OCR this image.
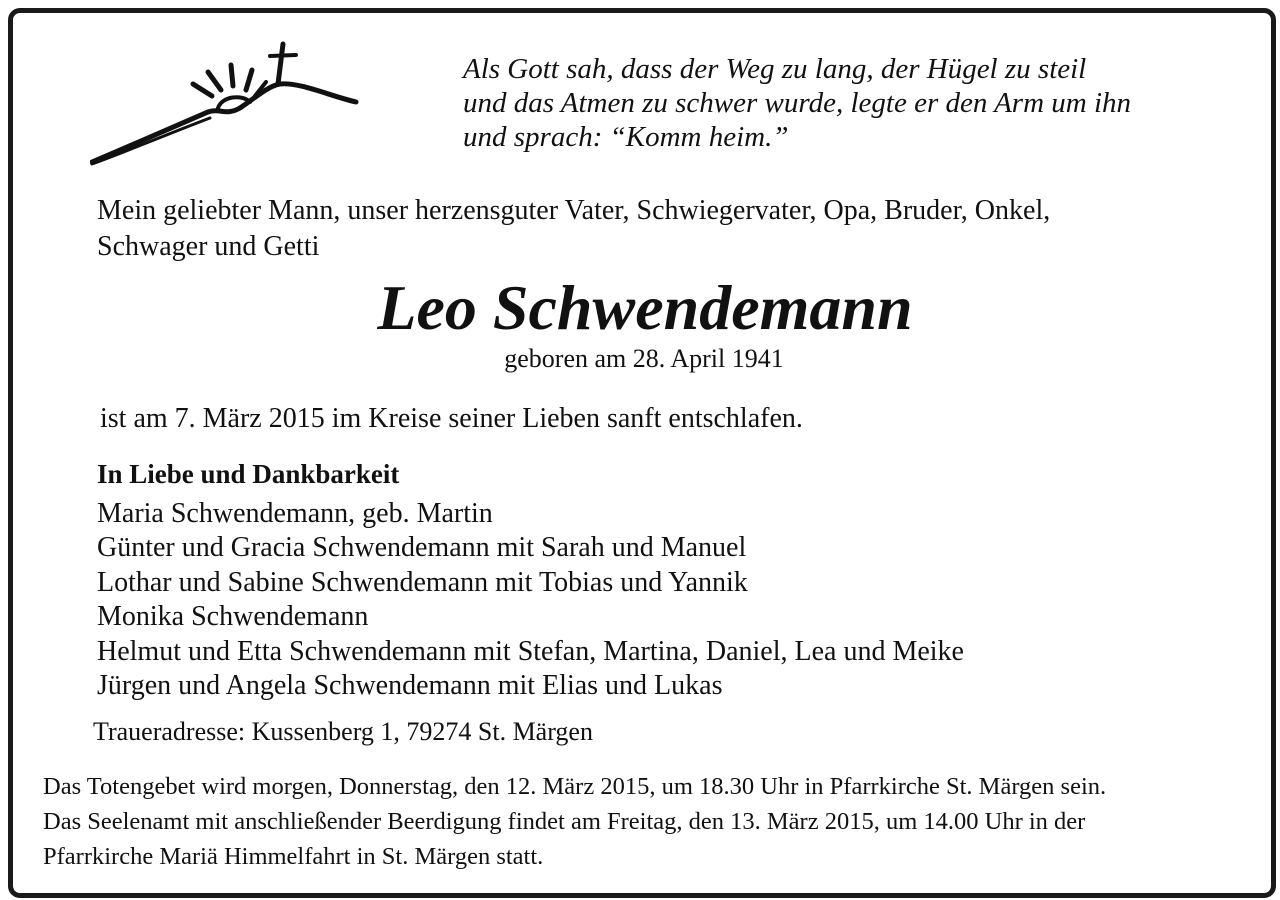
Als Gott sah, dass der Weg zu lang, der Hügel zu steil
und das Atmen zu schwer wurde, legte er den Arm um ihn
und sprach: “Komm heim.”

Mein geliebter Mann, unser herzensguter Vater, Schwiegervater, Opa, Bruder, Onkel,
Schwager und Getti

Leo Schwendemann

geboren am 28. April 1941

ist am 7. März 2015 im Kreise seiner Lieben sanft entschlafen.

In Liebe und Dankbarkeit

Maria Schwendemann, geb. Martin
Günter und Gracia Schwendemann mit Sarah und Manuel
Lothar und Sabine Schwendemann mit Tobias und Yannik
Monika Schwendemann
Helmut und Etta Schwendemann mit Stefan, Martina, Daniel, Lea und Meike
Jürgen und Angela Schwendemann mit Elias und Lukas

Traueradresse: Kussenberg 1, 79274 St. Märgen

Das Totengebet wird morgen, Donnerstag, den 12. März 2015, um 18.30 Uhr in Pfarrkirche St. Märgen sein.
Das Seelenamt mit anschließender Beerdigung findet am Freitag, den 13. März 2015, um 14.00 Uhr in der
Pfarrkirche Mariä Himmelfahrt in St. Märgen statt.
